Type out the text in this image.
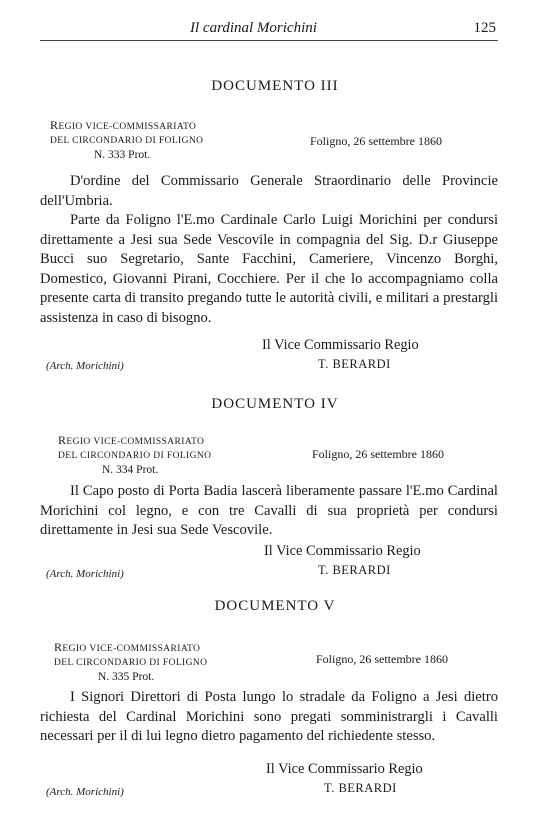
Il cardinal Morichini	125
DOCUMENTO III
REGIO VICE-COMMISSARIATO
DEL CIRCONDARIO DI FOLIGNO
N. 333 Prot.
Foligno, 26 settembre 1860

D'ordine del Commissario Generale Straordinario delle Provincie dell'Umbria.

Parte da Foligno l'E.mo Cardinale Carlo Luigi Morichini per condursi direttamente a Jesi sua Sede Vescovile in compagnia del Sig. D.r Giuseppe Bucci suo Segretario, Sante Facchini, Cameriere, Vincenzo Borghi, Domestico, Giovanni Pirani, Cocchiere. Per il che lo accompagniamo colla presente carta di transito pregando tutte le autorità civili, e militari a prestargli assistenza in caso di bisogno.

Il Vice Commissario Regio
T. BERARDI
(Arch. Morichini)
DOCUMENTO IV
REGIO VICE-COMMISSARIATO
DEL CIRCONDARIO DI FOLIGNO
N. 334 Prot.
Foligno, 26 settembre 1860

Il Capo posto di Porta Badia lascerà liberamente passare l'E.mo Cardinal Morichini col legno, e con tre Cavalli di sua proprietà per condursi direttamente in Jesi sua Sede Vescovile.

Il Vice Commissario Regio
T. BERARDI
(Arch. Morichini)
DOCUMENTO V
REGIO VICE-COMMISSARIATO
DEL CIRCONDARIO DI FOLIGNO
N. 335 Prot.
Foligno, 26 settembre 1860

I Signori Direttori di Posta lungo lo stradale da Foligno a Jesi dietro richiesta del Cardinal Morichini sono pregati somministrargli i Cavalli necessari per il di lui legno dietro pagamento del richiedente stesso.

Il Vice Commissario Regio
T. BERARDI
(Arch. Morichini)
